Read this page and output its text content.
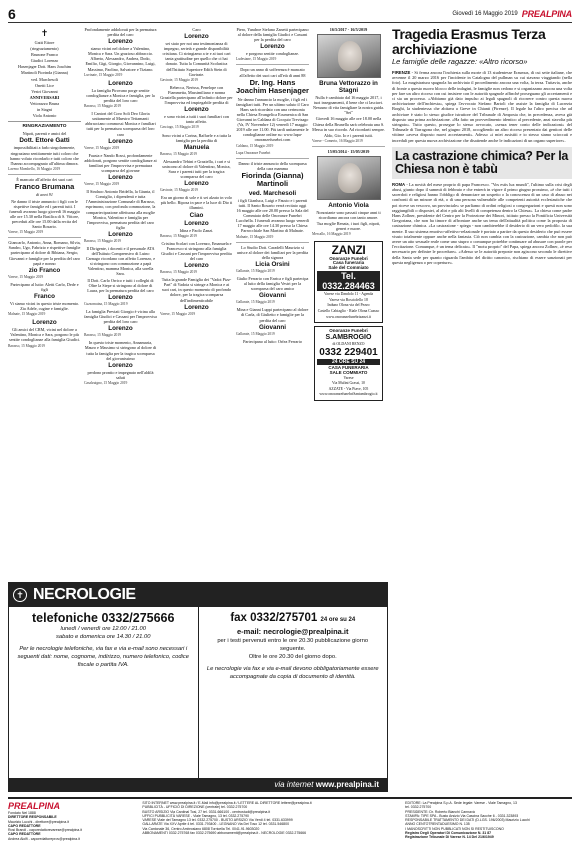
6	Giovedì 16 Maggio 2019 PREALPINA
✝

Gatti Ettore

(ringraziamento)

Brunone Franco

Giudici Lorenzo

Hasenjager Dott. Hans Joachim

Martinoli Fiorinda (Gianna)

ved. Marchesoli

Onetti Lice

Vestri Giovanni

ANNIVERSARI

Vettorazzo Bruna

in Stagni

Viola Antonio

RINGRAZIAMENTO

Nipoti, parenti e amici del

Dott. Ettore Gatti

impossibilitati a farlo singolarmente, ringraziano sentitamente tutti coloro che hanno voluto ricordarlo e tutti coloro che l'hanno accompagnato all'ultima dimora.

Laveno Mombello, 16 Maggio 2019

È mancato all'affetto dei suoi cari

Franco Brumana

di anni 91

Ne danno il triste annuncio i figli con le rispettive famiglie ed i parenti tutti. I funerali avranno luogo giovedì 16 maggio alle ore 15.30 nella Basilica di S. Vittore, preceduti alle ore 15.00 dalla recita del Santo Rosario.

Varese, 15 Maggio 2019

Giancarlo, Antonio, Anna, Romano, Silvia, Sandro, Ugo, Fabrizio e rispettive famiglie partecipano al dolore di Bibiana, Sergio, Giovanni e famiglie per la perdita del caro papà e nonno

zio Franco
Varese, 15 Maggio 2019

Partecipano al lutto: Aletti Carlo, Dede e figli

Franco

Vi siamo vicini in questo triste momento. Zia Adele, cugine e famiglie.

Malnate, 15 Maggio 2019
Lorenzo

Gli amici del CRM, vicini nel dolore a Valentino, Monica e Sara, porgono le più sentite condoglianze alla famiglia Giudici.

Barasso, 15 Maggio 2019

Profondamente addolorati per la prematura perdita del caro

Lorenzo

siamo vicini nel dolore a Valentino, Monica e Sara. Un grazioso abbraccio. Alberto, Alessandro, Andrea, Dodo, Emilio, Gigi, Giorgio, Giovannino, Luigi, Massimo, Paolino, Salvatore e Tiziano.

Luvinate, 15 Maggio 2019
Lorenzo

La famiglia Pirovano porge sentite condoglianze a Monica e famiglia, per la perdita del loro caro

Barasso, 15 Maggio 2019

I Cantori del Coro Soli Deo Gloria unitamente al Maestro Tettamanti abbracciano commossi Monica e familiari tutti per la prematura scomparsa del loro caro

Lorenzo
Varese, 15 Maggio 2019

Fausta e Nando Rossi, profondamente addolorati, porgono sentite condoglianze ai familiari per l'improvvisa e prematura scomparsa del giovane

Lorenzo
Varese, 15 Maggio 2019

Il Sindaco Antonio Bridella, la Giunta, il Consiglio, i dipendenti e tutta l'Amministrazione Comunale di Barasso, esprimono, con profonda commozione, la compartecipazione affettuosa alla moglie Monica, Valentino e famiglia per l'improvvisa, prematura perdita del caro figlio

Lorenzo
Barasso, 15 Maggio 2019

Il Dirigente, i docenti e il personale ATA dell'Istituto Comprensivo di Luino Carnago ricordano con affetto Lorenzo, e si stringono con commozione a papà Valentino, mamma Monica, alla sorella Sara.

Il Dott. Carlo Orrico e tutti i colleghi di Oltre la Siepe si stringono al dolore di Laura, per la prematura perdita del caro

Lorenzo
Cuzzomaina, 15 Maggio 2019

La famiglia Previati Giorgio è vicina alla famiglia Giudici e Cassani per l'improvvisa perdita del loro caro

Lorenzo
Barasso, 15 Maggio 2019

In questo triste momento, Annamaria, Mauro e Massimo si stringono al dolore di tutta la famiglia per la tragica scomparsa del giovanissimo

Lorenzo

perdono prontio e impegnato nell'aldilà saluti

Casalzuigno, 15 Maggio 2019

Caro

Lorenzo

sei stato per noi una testimonianza di impegno, serietà e grande disponibilità cristiana. Ci stringiamo a te e ai tuoi cari tanta gratitudine per quello che ci hai donato. Tutta la Comunità Scolastica dell'Istituto Superiore Edith Stein di Gavirate.

Gavirate, 15 Maggio 2019

Rebecca, Nerissa, Penelope con Fiammetta, Massimiliano e nonna Graziella partecipano all'infinito dolore per l'improvvisa ed inspiegabile perdita di

Lorenzo

e sono vicini a tutti i suoi familiari con tanto affetto.

Casciago, 15 Maggio 2019

Sono vicini a Corina, Raffaele e a tutta la famiglia per la perdita di

Manuela
Barasso, 15 Maggio 2019

Alessandro Tebini e Graziella, i cari e si uniscono al dolore di Valentino, Monica, Sara e i parenti tutti per la tragica scomparsa del caro

Lorenzo
Gavirate, 15 Maggio 2019

Era un giorno di sole e ti sei alzato in volo più bello. Riposa in pace e la luce di Dio ti illumini.

Ciao
Lorenzo

Idina e Paolo Zanzi.

Barasso, 15 Maggio 2019

Cristina Scolari con Lorenzo, Emanuela e Francesco si stringono alla famiglia Giudici e Cassani per l'improvvisa perdita del caro

Lorenzo
Barasso, 15 Maggio 2019

Tutta la grande Famiglia dei "Vadoi Pizz-Part" di Vadoia si stringe a Monica e ai suoi cari, in questo momento di profondo dolore, per la tragica scomparsa dell'indimenticabile

Lorenzo
Varese, 15 Maggio 2019

Piero, Yandroe Stefano Zanetti partecipano al dolore della famiglia Giudici e Cassani per la perdita del caro

Lorenzo

e porgono sentite condoglianze.

Ludesiane, 15 Maggio 2019

Dopo un anno di sofferenza è mancato all'affetto dei suoi cari all'età di anni 88

Dr. Ing. Hans Joachim Hasenjager

Ne danno l'annuncio la moglie, i figli ed i famigliari tutti. Per un ultimo saluto il Caro Hans sarà ricordato con una cerimonia nella Chiesa Evangelica Ecumenica di San Giovanni in Caldana di Cocquio Trevisago (Va, IV Novembre 12) venerdì 17 maggio 2019 alle ore 11.00. Più tardi unitamente le condoglianze online su: www.lupa-onoranzefunebri.com

Caldana, 15 Maggio 2019
Lupa Onoranze Funebri

Danno il triste annuncio della scomparsa della cara mamma

Fiorinda (Gianna) Martinoli
ved. Marchesoli

i figli Gianluca, Luigi e Fausto e i parenti tutti. Il Santo Rosario verrà recitato oggi 16 maggio alle ore 20.00 presso la Sala del Commiato delle Onoranze Funebri Lucchella. I funerali avranno luogo venerdì 17 maggio alle ore 14.30 presso la Chiesa Parrocchiale San Martino di Malnate.

Malnate, 15 Maggio 2019

Lo Studio Dott. Caradelli Maurizio si unisce al dolore dei familiari per la perdita della signora

Licia Orsini
Gallarate, 15 Maggio 2019

Giulio Ferrario con Enrica e figli partecipa al lutto della famiglia Vestri per la scomparsa del caro amico

Giovanni
Gallarate, 15 Maggio 2019

Mina e Gianni Luppi partecipano al dolore di Carla, di Giulietto e famiglie per la perdita del caro

Giovanni
Gallarate, 15 Maggio 2019

Partecipano al lutto: Orfea Ferrario

16/5/2017 - 16/5/2019

Bruna Vettorazzo in Stagni

Nulla è cambiato dal 16 maggio 2017, i tuoi insegnamenti, il bene che ci lasciavi. Nessuno di vita famigliare la nostra guida. "Sei"

Giovedì 16 maggio alle ore 18.00 nella Chiesa della Brunella sarà celebrata una S. Messa in suo ricordo. Ad ricordarti sempre.

Aldo, Gio. Io e i parenti tutti.

Varese - Comerio, 16 Maggio 2019

15/05/2014 - 15/05/2019

Antonio Viola

Nonostante sono passati cinque anni ti ricordiamo ancora con tanto amore.

Tua moglie Renata, i tuoi figli, nipoti, generi e nuore.

Mercallo, 16 Maggio 2019
ZANZI
Onoranze Funebri
Casa funeraria
Sale del Commiato
Tel. 0332.284463

Varese via Dandolo 11 - Agenda

Varese via Bosciolello 18

Induno Olona via del Pezzo

Castello Cabiaglio - Riale Olona Cuasso

www.onoranzefunebrizanzi.it

Onoranze Funebri
S.AMBROGIO

di OLDANI RENZO

0332 229401
24 ORE SU 24
CASA FUNERARIA
SALE COMMIATO

Varese

Via Mulini Grassi, 10

AZZATE - Via Piave, 105

www.onoranzefunebriSantambrogio.it

Tragedia Erasmus Terza archiviazione
Le famiglie delle ragazze: «Altro ricorso»

FIRENZE - Si ferma ancora l'inchiesta sulla morte di 13 studentesse Erasmus, di cui sette italiane, che avvenne il 20 marzo 2016 per l'incidente in Catalogna del pullman su cui stavano viaggiando (nella foto). La magistratura spagnola ha archiviato il procedimento ancora una volta, la terza. Tuttavia, anche di fronte a questo nuovo blocco delle indagini, le famiglie non cedono e si organizzano ancora una volta per fare un altro ricorso con cui insistere con le autorità spagnole affinché proseguano gli accertamenti e ci sia un processo. «Abbiamo già dato impulso ai legali spagnoli di ricorrere contro questa nuova archiviazione dell'inchiesta», spiega l'avvocato Stefano Bartoli che assiste la famiglia di Lucrezia Borghi, la studentessa che abitava a Greve in Chianti (Firenze). Il legale ha l'altro precisa che ad archiviare è stato lo stesso giudice istruttore del Tribunale di Amposta che, in precedenza, aveva già disposto una prima archiviazione. «Ha fatto un provvedimento identico al precedente, anzi stavolta più stringato». Tutto questo, prosegue lo stesso avvocato, «senza tener conto delle indicazioni» del Tribunale di Tarragona che, nel giugno 2018, accogliendo un altro ricorso presentato dai genitori delle vittime «aveva disposto nuovi accertamenti». Adesso «i miei assistiti e io stesso siamo scioccati e increduli per questa nuova archiviazione che disattende anche le indicazioni di un organo superiore».

La castrazione chimica? Per la Chiesa non è tabù

ROMA - La novità del mese proprio di papa Francesco. "Vos estis lux mundi", l'ultimo sulla crisi degli abusi, giunto dopo il summit di febbraio e che entrerà in vigore il primo giugno prossimo, «è che tutti i sacerdoti e religiosi hanno l'obbligo di denunciare un sospetto o la conoscenza di un caso di abuso nei confronti di un minore di età, o di una persona vulnerabile alle competenti autorità ecclesiastiche che poi riceve un vescovo, un provinciale» se parliamo di ordini religiosi o congregazioni e questi non sono raggiungibili o dispostei, al altri e più alti livelli di competenza dentro la Chiesa». La chiesa come padre Hans Zollner, presidente del Centro per la Protezione dei Minori, istituto presso la Pontificia Università Gregoriana, che non ha timore di affrontare anche un tema dell'attualità politica come la proposta di castrazione chimica. «La castrazione - spiega - non cambierebbe il desiderio di un vero pedofilo. la sua mente. Il suo sistema emotivo-affettivo-relazionale è portato a partire da questo desiderio che può essere visuto totalmente oppure anche nella fantasia. Ciò non cambia con la castrazione, cambia che non può avere un atto sessuale reale come uno stupro o comunque potrebbe continuare ad abusare con parole per l'eccitazione. Comunque, è un tema delicato». Il "motu proprio" del Papa, spiega ancora Zollner, «è reso necessario per definire le procedure». «Adesso se le autorità preposte non agiscono secondo le direttive della Santa sede per quanto riguarda l'ambito del diritto canonico, rischiano di essere sanzionati per questa negligenza o per coperture».

✝ NECROLOGIE
telefoniche 0332/275666
lunedì / venerdì ore 12.00 / 21.00
sabato e domenica ore 14.30 / 21.00
Per le necrologie telefoniche, via fax e via e-mail sono necessari i seguenti dati: nome, cognome, indirizzo, numero telefonico, codice fiscale o partita IVA.
fax 0332/275701 24 ore su 24
e-mail: necrologie@prealpina.it
per i testi pervenuti entro le ore 20.30 pubblicazione giorno seguente.
Oltre le ore 20.30 del giorno dopo.
Le necrologie via fax e via e-mail devono obbligatoriamente essere accompagnate da copia di documento di identità.
via internet www.prealpina.it
PREALPINA
Fondato Nel 1888
DIRETTORE RESPONSABILE
Maurizio Lucchi - direttore@prealpina.it
CAPO REDATTORE
Rosi Brandi - caporedattorevarese@prealpina.it
CAPO REDATTORE
Andrea Aiolfi - caporedattoreprov@prealpina.it
SITO INTERNET www.prealpina.it / E-Mail info@prealpina.it / LETTERE AL DIRETTORE lettere@prealpina.it
PUBBLICITÀ - UFFICIO DI DIREZIONE (centrale) tel. 0332.275700
BUSTO ARSIZIO Via Cardinal Tosi, 27 tel. 0331.666100 - centrostudi@prealpina.it
UFFICI PUBBLICITÀ VARESE - Viale Tamagno, 13 tel. 0332.275790
VARESE Viale dei Tamagno 13 tel. 0332.275700 - BUSTO ARSIZIO Via Verdi 4 tel. 0331.633999
GALLARATE Via XXV Aprile 4 tel. 0331.793400 - LEGNANO Via Dei Toso 12 tel. 0331.546800
Via Cantonale 36, Centro Ambrosiano 6808 Torricella Tel. 0041.91.9603020
ABBONAMENTI 0332.275768 fax 0332.275690 abbonamenti@prealpina.it - NECROLOGIE 0332.275666
EDITORE: La Prealpina S.p.A. Sede legale: Varese - Viale Tamagno, 13
tel. 0332.275700
PRESIDENTE: Dr. Roberto Bianchi Cannavà
STAMPA: TIPE SPA - Busto Arsizio Via Cascina Sacche 6 - 0331.323893
RESPONSABILE TRATTAMENTO DEI DATI (D.LGS. 196/2003) Maurizio Lucchi
ANNO CENTOTRENTADUESIMO N. 135
I MANOSCRITTI NON PUBBLICATI NON SI RESTITUISCONO
Registro Degli Operatori Di Comunicazione N. 31 87
Registrazione Tribunale Di Varese N. 14 Del 21/6/1949
